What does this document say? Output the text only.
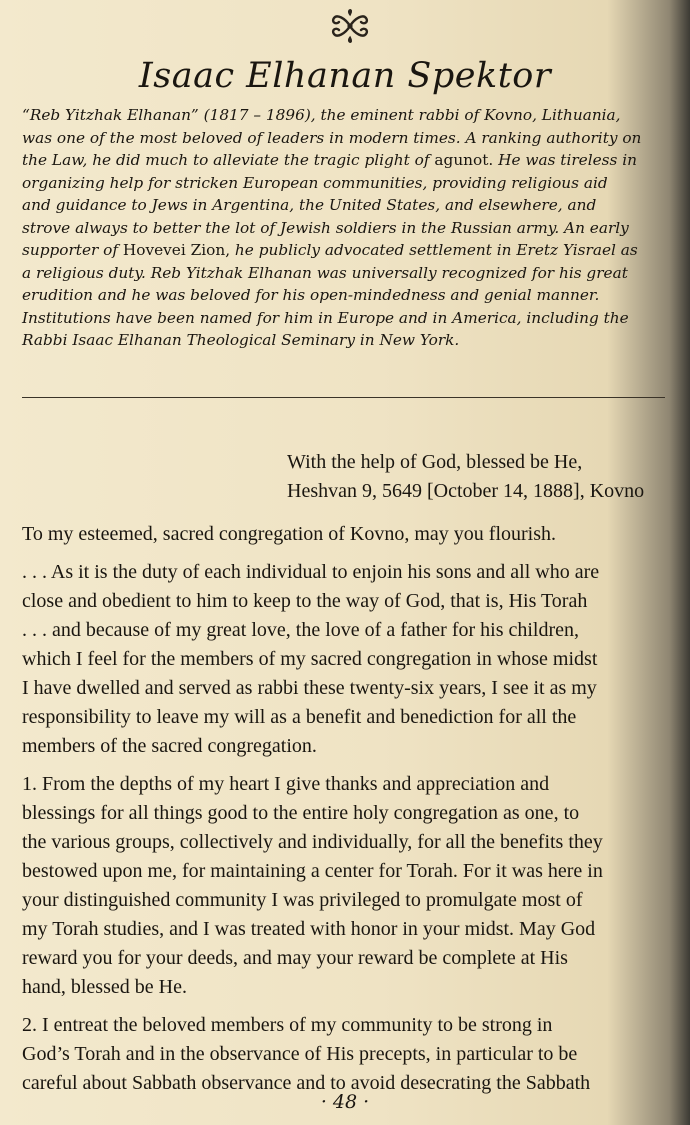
Isaac Elhanan Spektor
“Reb Yitzhak Elhanan” (1817 – 1896), the eminent rabbi of Kovno, Lithuania,
was one of the most beloved of leaders in modern times. A ranking authority on
the Law, he did much to alleviate the tragic plight of agunot. He was tireless in
organizing help for stricken European communities, providing religious aid
and guidance to Jews in Argentina, the United States, and elsewhere, and
strove always to better the lot of Jewish soldiers in the Russian army. An early
supporter of Hovevei Zion, he publicly advocated settlement in Eretz Yisrael as
a religious duty. Reb Yitzhak Elhanan was universally recognized for his great
erudition and he was beloved for his open-mindedness and genial manner.
Institutions have been named for him in Europe and in America, including the
Rabbi Isaac Elhanan Theological Seminary in New York.
With the help of God, blessed be He,
Heshvan 9, 5649 [October 14, 1888], Kovno

To my esteemed, sacred congregation of Kovno, may you flourish.

. . . As it is the duty of each individual to enjoin his sons and all who are
close and obedient to him to keep to the way of God, that is, His Torah
. . . and because of my great love, the love of a father for his children,
which I feel for the members of my sacred congregation in whose midst
I have dwelled and served as rabbi these twenty-six years, I see it as my
responsibility to leave my will as a benefit and benediction for all the
members of the sacred congregation.

1. From the depths of my heart I give thanks and appreciation and
blessings for all things good to the entire holy congregation as one, to
the various groups, collectively and individually, for all the benefits they
bestowed upon me, for maintaining a center for Torah. For it was here in
your distinguished community I was privileged to promulgate most of
my Torah studies, and I was treated with honor in your midst. May God
reward you for your deeds, and may your reward be complete at His
hand, blessed be He.

2. I entreat the beloved members of my community to be strong in
God’s Torah and in the observance of His precepts, in particular to be
careful about Sabbath observance and to avoid desecrating the Sabbath

· 48 ·
